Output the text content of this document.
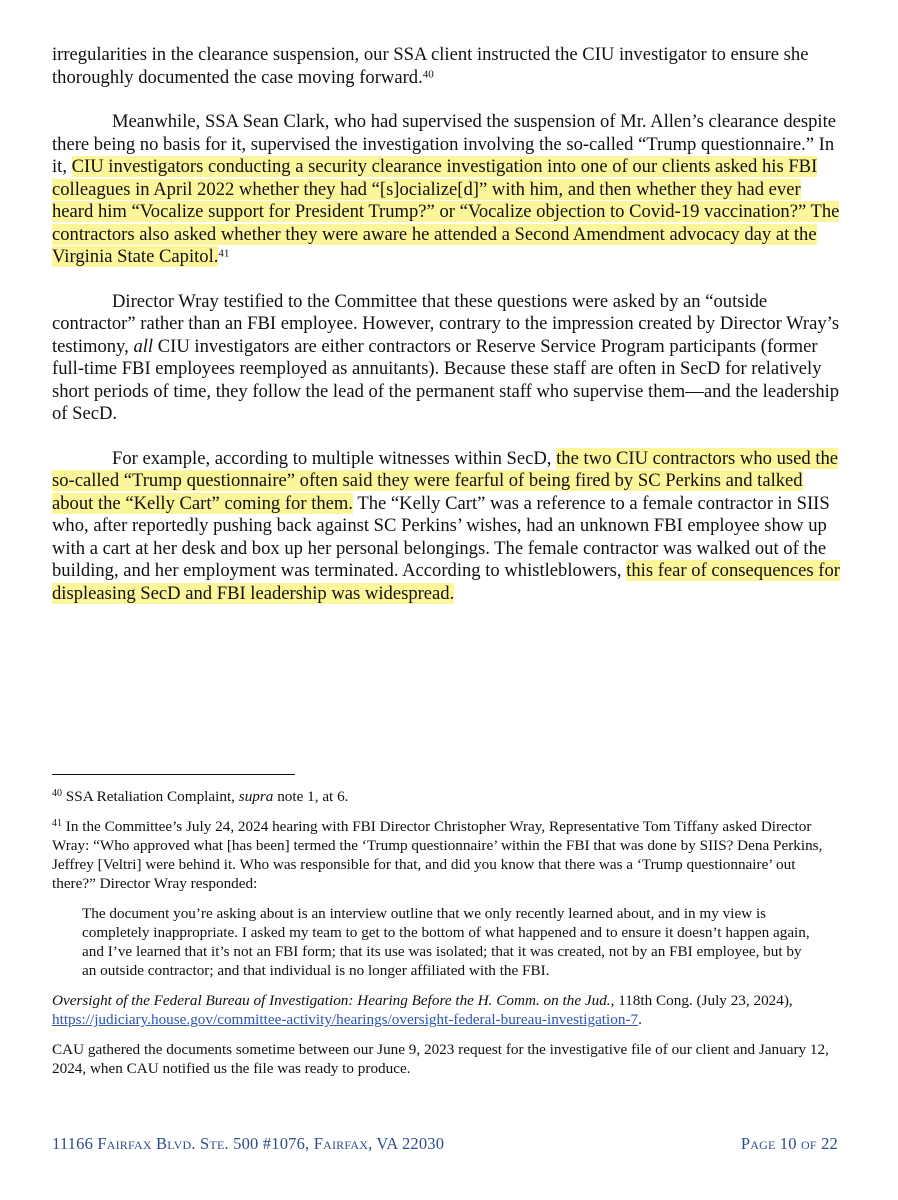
irregularities in the clearance suspension, our SSA client instructed the CIU investigator to ensure she thoroughly documented the case moving forward.$^{40}$

Meanwhile, SSA Sean Clark, who had supervised the suspension of Mr. Allen’s clearance despite there being no basis for it, supervised the investigation involving the so-called “Trump questionnaire.” In it, CIU investigators conducting a security clearance investigation into one of our clients asked his FBI colleagues in April 2022 whether they had “[s]ocialize[d]” with him, and then whether they had ever heard him “Vocalize support for President Trump?” or “Vocalize objection to Covid-19 vaccination?” The contractors also asked whether they were aware he attended a Second Amendment advocacy day at the Virginia State Capitol.$^{41}$

Director Wray testified to the Committee that these questions were asked by an “outside contractor” rather than an FBI employee. However, contrary to the impression created by Director Wray’s testimony, all CIU investigators are either contractors or Reserve Service Program participants (former full-time FBI employees reemployed as annuitants). Because these staff are often in SecD for relatively short periods of time, they follow the lead of the permanent staff who supervise them—and the leadership of SecD.

For example, according to multiple witnesses within SecD, the two CIU contractors who used the so-called “Trump questionnaire” often said they were fearful of being fired by SC Perkins and talked about the “Kelly Cart” coming for them. The “Kelly Cart” was a reference to a female contractor in SIIS who, after reportedly pushing back against SC Perkins’ wishes, had an unknown FBI employee show up with a cart at her desk and box up her personal belongings. The female contractor was walked out of the building, and her employment was terminated. According to whistleblowers, this fear of consequences for displeasing SecD and FBI leadership was widespread.

$^{40}$ SSA Retaliation Complaint, supra note 1, at 6.

$^{41}$ In the Committee’s July 24, 2024 hearing with FBI Director Christopher Wray, Representative Tom Tiffany asked Director Wray: “Who approved what [has been] termed the ‘Trump questionnaire’ within the FBI that was done by SIIS? Dena Perkins, Jeffrey [Veltri] were behind it. Who was responsible for that, and did you know that there was a ‘Trump questionnaire’ out there?” Director Wray responded:

The document you’re asking about is an interview outline that we only recently learned about, and in my view is completely inappropriate. I asked my team to get to the bottom of what happened and to ensure it doesn’t happen again, and I’ve learned that it’s not an FBI form; that its use was isolated; that it was created, not by an FBI employee, but by an outside contractor; and that individual is no longer affiliated with the FBI.

Oversight of the Federal Bureau of Investigation: Hearing Before the H. Comm. on the Jud., 118th Cong. (July 23, 2024), https://judiciary.house.gov/committee-activity/hearings/oversight-federal-bureau-investigation-7.

CAU gathered the documents sometime between our June 9, 2023 request for the investigative file of our client and January 12, 2024, when CAU notified us the file was ready to produce.

11166 Fairfax Blvd. Ste. 500 #1076, Fairfax, VA 22030	Page 10 of 22
